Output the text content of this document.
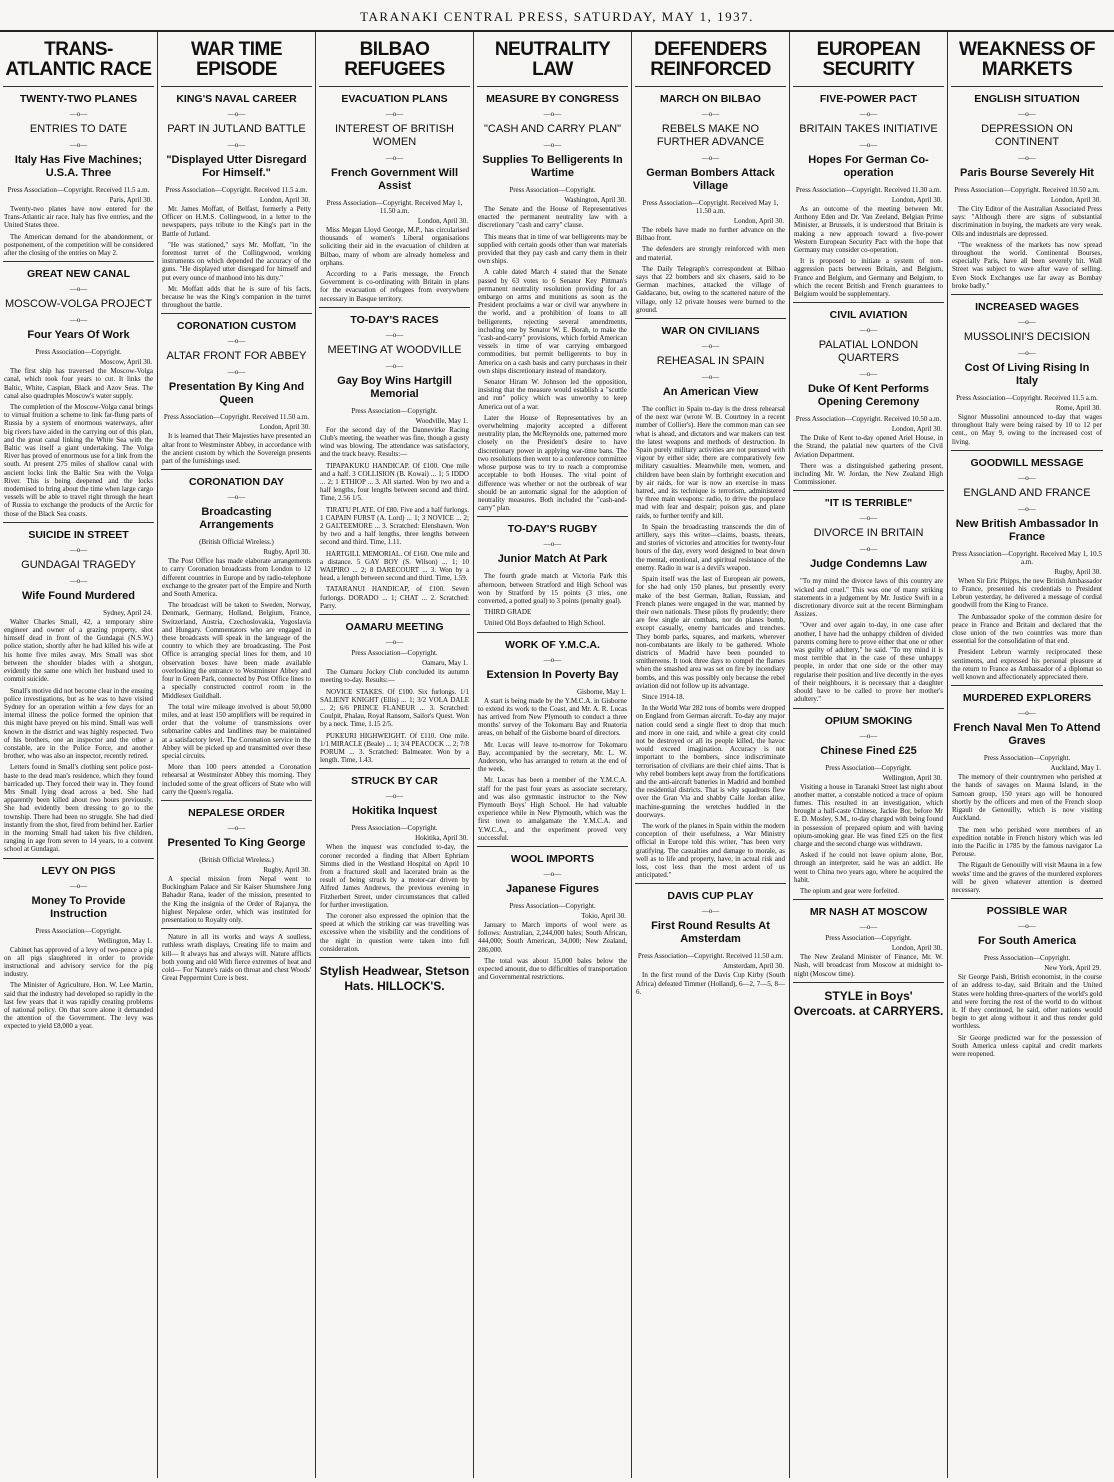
TARANAKI CENTRAL PRESS, SATURDAY, MAY 1, 1937.
TRANS-ATLANTIC RACE
TWENTY-TWO PLANES
—o—
ENTRIES TO DATE
—o—
Italy Has Five Machines; U.S.A. Three
Press Association—Copyright. Received 11.5 a.m.
Paris, April 30.

Twenty-two planes have now entered for the Trans-Atlantic air race. Italy has five entries, and the United States three.

The American demand for the abandonment, or postponement, of the competition will be considered after the closing of the entries on May 2.

GREAT NEW CANAL
—o—
MOSCOW-VOLGA PROJECT
—o—
Four Years Of Work
Press Association—Copyright.
Moscow, April 30.

The first ship has traversed the Moscow-Volga canal, which took four years to cut. It links the Baltic, White, Caspian, Black and Azov Seas. The canal also quadruples Moscow's water supply.

The completion of the Moscow-Volga canal brings to virtual fruition a scheme to link far-flung parts of Russia by a system of enormous waterways, after big rivers have aided in the carrying out of this plan, and the great canal linking the White Sea with the Baltic was itself a giant undertaking. The Volga River has proved of enormous use for a link from the south. At present 275 miles of shallow canal with ancient locks link the Baltic Sea with the Volga River. This is being deepened and the locks modernised to bring about the time when large cargo vessels will be able to travel right through the heart of Russia to exchange the products of the Arctic for those of the Black Sea coasts.

SUICIDE IN STREET
—o—
GUNDAGAI TRAGEDY
—o—
Wife Found Murdered
Sydney, April 24.

Walter Charles Small, 42, a temporary shire engineer and owner of a grazing property, shot himself dead in front of the Gundagai (N.S.W.) police station, shortly after he had killed his wife at his home five miles away. Mrs Small was shot between the shoulder blades with a shotgun, evidently the same one which her husband used to commit suicide.

Small's motive did not become clear in the ensuing police investigations, but as he was to have visited Sydney for an operation within a few days for an internal illness the police formed the opinion that this might have preyed on his mind. Small was well known in the district and was highly respected. Two of his brothers, one an inspector and the other a constable, are in the Police Force, and another brother, who was also an inspector, recently retired.

Letters found in Small's clothing sent police post-haste to the dead man's residence, which they found barricaded up. They forced their way in. They found Mrs Small lying dead across a bed. She had apparently been killed about two hours previously. She had evidently been dressing to go to the township. There had been no struggle. She had died instantly from the shot, fired from behind her. Earlier in the morning Small had taken his five children, ranging in age from seven to 14 years, to a convent school at Gundagai.

LEVY ON PIGS
—o—
Money To Provide Instruction
Press Association—Copyright.
Wellington, May 1.

Cabinet has approved of a levy of two-pence a pig on all pigs slaughtered in order to provide instructional and advisory service for the pig industry.

The Minister of Agriculture, Hon. W. Lee Martin, said that the industry had developed so rapidly in the last few years that it was rapidly creating problems of national policy. On that score alone it demanded the attention of the Government. The levy was expected to yield £8,000 a year.

WAR TIME EPISODE
KING'S NAVAL CAREER
—o—
PART IN JUTLAND BATTLE
—o—
"Displayed Utter Disregard For Himself."
Press Association—Copyright. Received 11.5 a.m.
London, April 30.

Mr. James Moffatt, of Belfast, formerly a Petty Officer on H.M.S. Collingwood, in a letter to the newspapers, pays tribute to the King's part in the Battle of Jutland.

"He was stationed," says Mr. Moffatt, "in the foremost turret of the Collingwood, working instruments on which depended the accuracy of the guns. "He displayed utter disregard for himself and put every ounce of manhood into his duty."

Mr. Moffatt adds that he is sure of his facts, because he was the King's companion in the turret throughout the battle.

CORONATION CUSTOM
—o—
ALTAR FRONT FOR ABBEY
—o—
Presentation By King And Queen
Press Association—Copyright. Received 11.50 a.m.
London, April 30.

It is learned that Their Majesties have presented an altar front to Westminster Abbey, in accordance with the ancient custom by which the Sovereign presents part of the furnishings used.

CORONATION DAY
—o—
Broadcasting Arrangements
(British Official Wireless.)
Rugby, April 30.

The Post Office has made elaborate arrangements to carry Coronation broadcasts from London to 12 different countries in Europe and by radio-telephone exchange to the greater part of the Empire and North and South America.

The broadcast will be taken to Sweden, Norway, Denmark, Germany, Holland, Belgium, France, Switzerland, Austria, Czechoslovakia, Yugoslavia and Hungary. Commentators who are engaged in these broadcasts will speak in the language of the country to which they are broadcasting. The Post Office is arranging special lines for them, and 10 observation boxes have been made available overlooking the entrance to Westminster Abbey and four in Green Park, connected by Post Office lines to a specially constructed control room in the Middlesex Guildhall.

The total wire mileage involved is about 50,000 miles, and at least 150 amplifiers will be required in order that the volume of transmissions over submarine cables and landlines may be maintained at a satisfactory level. The Coronation service in the Abbey will be picked up and transmitted over these special circuits.

More than 100 peers attended a Coronation rehearsal at Westminster Abbey this morning. They included some of the great officers of State who will carry the Queen's regalia.

NEPALESE ORDER
—o—
Presented To King George
(British Official Wireless.)
Rugby, April 30.

A special mission from Nepal went to Buckingham Palace and Sir Kaiser Shumshere Jung Bahadur Rana, leader of the mission, presented to the King the insignia of the Order of Rajanya, the highest Nepalese order, which was instituted for presentation to Royalty only.

Nature in all its works and ways A soulless, ruthless wrath displays, Creating life to maim and kill— It always has and always will. Nature afflicts both young and old With fierce extremes of heat and cold— For Nature's raids on throat and chest Woods' Great Peppermint Cure is best.

BILBAO REFUGEES
EVACUATION PLANS
—o—
INTEREST OF BRITISH WOMEN
—o—
French Government Will Assist
Press Association—Copyright. Received May 1, 11.50 a.m.
London, April 30.

Miss Megan Lloyd George, M.P., has circularised thousands of women's Liberal organisations soliciting their aid in the evacuation of children at Bilbao, many of whom are already homeless and orphans.

According to a Paris message, the French Government is co-ordinating with Britain in plans for the evacuation of refugees from everywhere necessary in Basque territory.

TO-DAY'S RACES
—o—
MEETING AT WOODVILLE
—o—
Gay Boy Wins Hartgill Memorial
Press Association—Copyright.
Woodville, May 1.

For the second day of the Dannevirke Racing Club's meeting, the weather was fine, though a gusty wind was blowing. The attendance was satisfactory, and the track heavy. Results:—

TIPAPAKUKU HANDICAP. Of £100. One mile and a half. 3 COLLISION (B. Kowai) ... 1; 5 IDDO ... 2; 1 ETHIOP ... 3. All started. Won by two and a half lengths, four lengths between second and third. Time, 2.56 1/5.

TIRATU PLATE. Of £80. Five and a half furlongs. 1 CAPAIN FURST (A. Lord) ... 1; 3 NOVICE ... 2; 2 GALTEEMORE ... 3. Scratched: Elenshawn. Won by two and a half lengths, three lengths between second and third. Time, 1.11.

HARTGILL MEMORIAL. Of £160. One mile and a distance. 5 GAY BOY (S. Wilson) ... 1; 10 WAIPIRO ... 2; 8 DARECOURT ... 3. Won by a head, a length between second and third. Time, 1.59.

TATARANUI HANDICAP, of £100. Seven furlongs. DORADO ... 1; CHAT ... 2. Scratched: Parry.

OAMARU MEETING
—o—
Press Association—Copyright.
Oamaru, May 1.

The Oamaru Jockey Club concluded its autumn meeting to-day. Results:—

NOVICE STAKES. Of £100. Six furlongs. 1/1 SALIENT KNIGHT (Ellis) ... 1; 3/2 VOLA DALE ... 2; 6/6 PRINCE FLANEUR ... 3. Scratched: Coulpit, Phalau, Royal Ransom, Sailor's Quest. Won by a neck. Time, 1.15 2/5.

PUKEURI HIGHWEIGHT. Of £110. One mile. 1/1 MIRACLE (Beale) ... 1; 3/4 PEACOCK ... 2; 7/8 PORUM ... 3. Scratched: Balmeater. Won by a length. Time, 1.43.

STRUCK BY CAR
—o—
Hokitika Inquest
Press Association—Copyright.
Hokitika, April 30.

When the inquest was concluded to-day, the coroner recorded a finding that Albert Ephriam Simms died in the Westland Hospital on April 10 from a fractured skull and lacerated brain as the result of being struck by a motor-car driven by Alfred James Andrews, the previous evening in Fitzherbert Street, under circumstances that called for further investigation.

The coroner also expressed the opinion that the speed at which the striking car was travelling was excessive when the visibility and the conditions of the night in question were taken into full consideration.

Stylish Headwear, Stetson Hats. HILLOCK'S.
NEUTRALITY LAW
MEASURE BY CONGRESS
—o—
"CASH AND CARRY PLAN"
—o—
Supplies To Belligerents In Wartime
Press Association—Copyright.
Washington, April 30.

The Senate and the House of Representatives enacted the permanent neutrality law with a discretionary "cash and carry" clause.

This means that in time of war belligerents may be supplied with certain goods other than war materials provided that they pay cash and carry them in their own ships.

A cable dated March 4 stated that the Senate passed by 63 votes to 6 Senator Key Pittman's permanent neutrality resolution providing for an embargo on arms and munitions as soon as the President proclaims a war or civil war anywhere in the world, and a prohibition of loans to all belligerents, rejecting several amendments, including one by Senator W. E. Borah, to make the "cash-and-carry" provisions, which forbid American vessels in time of war carrying embargoed commodities, but permit belligerents to buy in America on a cash basis and carry purchases in their own ships discretionary instead of mandatory.

Senator Hiram W. Johnson led the opposition, insisting that the measure would establish a "scuttle and run" policy which was unworthy to keep America out of a war.

Later the House of Representatives by an overwhelming majority accepted a different neutrality plan, the McReynolds one, patterned more closely on the President's desire to have discretionary power in applying war-time bans. The two resolutions then went to a conference committee whose purpose was to try to reach a compromise acceptable to both Houses. The vital point of difference was whether or not the outbreak of war should be an automatic signal for the adoption of neutrality measures. Both included the "cash-and-carry" plan.

TO-DAY'S RUGBY
—o—
Junior Match At Park

The fourth grade match at Victoria Park this afternoon, between Stratford and High School was won by Stratford by 15 points (3 tries, one converted, a potted goal) to 3 points (penalty goal).

THIRD GRADE

United Old Boys defaulted to High School.

WORK OF Y.M.C.A.
—o—
Extension In Poverty Bay
Gisborne, May 1.

A start is being made by the Y.M.C.A. in Gisborne to extend its work to the Coast, and Mr. A. R. Lucas has arrived from New Plymouth to conduct a three months' survey of the Tokomaru Bay and Ruatoria areas, on behalf of the Gisborne board of directors.

Mr. Lucas will leave to-morrow for Tokomaru Bay, accompanied by the secretary, Mr. L. W. Anderson, who has arranged to return at the end of the week.

Mr. Lucas has been a member of the Y.M.C.A. staff for the past four years as associate secretary, and was also gymnastic instructor to the New Plymouth Boys' High School. He had valuable experience while in New Plymouth, which was the first town to amalgamate the Y.M.C.A. and Y.W.C.A., and the experiment proved very successful.

WOOL IMPORTS
—o—
Japanese Figures
Press Association—Copyright.
Tokio, April 30.

January to March imports of wool were as follows: Australian, 2,244,000 bales; South African, 444,000; South American, 34,000; New Zealand, 286,000.

The total was about 15,000 bales below the expected amount, due to difficulties of transportation and Governmental restrictions.

DEFENDERS REINFORCED
MARCH ON BILBAO
—o—
REBELS MAKE NO FURTHER ADVANCE
—o—
German Bombers Attack Village
Press Association—Copyright. Received May 1, 11.50 a.m.
London, April 30.

The rebels have made no further advance on the Bilbao front.

The defenders are strongly reinforced with men and material.

The Daily Telegraph's correspondent at Bilbao says that 22 bombers and six chasers, said to be German machines, attacked the village of Galdacano, but, owing to the scattered nature of the village, only 12 private houses were burned to the ground.

WAR ON CIVILIANS
—o—
REHEASAL IN SPAIN
—o—
An American View

The conflict in Spain to-day is the dress rehearsal of the next war (wrote W. B. Courtney in a recent number of Collier's). Here the common man can see what is ahead, and dictators and war makers can test the latest weapons and methods of destruction. In Spain purely military activities are not pursued with vigour by either side; there are comparatively few military casualties. Meanwhile men, women, and children have been slain by forthright execution and by air raids, for war is now an exercise in mass hatred, and its technique is terrorism, administered by three main weapons: radio, to drive the populace mad with fear and despair; poison gas, and plane raids, to further terrify and kill.

In Spain the broadcasting transcends the din of artillery, says this writer—claims, boasts, threats, and stories of victories and atrocities for twenty-four hours of the day, every word designed to beat down the mental, emotional, and spiritual resistance of the enemy. Radio in war is a devil's weapon.

Spain itself was the last of European air powers, for she had only 150 planes, but presently every make of the best German, Italian, Russian, and French planes were engaged in the war, manned by their own nationals. These pilots fly prudently; there are few single air combats, nor do planes bomb, except casually, enemy barricades and trenches. They bomb parks, squares, and markets, wherever non-combatants are likely to be gathered. Whole districts of Madrid have been pounded to smithereens. It took three days to compel the flames when the smashed area was set on fire by incendiary bombs, and this was possibly only because the rebel aviation did not follow up its advantage.

Since 1914-18.

In the World War 282 tons of bombs were dropped on England from German aircraft. To-day any major nation could send a single fleet to drop that much and more in one raid, and while a great city could not be destroyed or all its people killed, the havoc would exceed imagination. Accuracy is not important to the bombers, since indiscriminate terrorisation of civilians are their chief aims. That is why rebel bombers kept away from the fortifications and the anti-aircraft batteries in Madrid and bombed the residential districts. That is why squadrons flew over the Gran Via and shabby Calle Jordan alike, machine-gunning the wretches huddled in the doorways.

The work of the planes in Spain within the modern conception of their usefulness, a War Ministry official in Europe told this writer, "has been very gratifying. The casualties and damage to morale, as well as to life and property, have, in actual risk and loss, cost less than the most ardent of us anticipated."

DAVIS CUP PLAY
—o—
First Round Results At Amsterdam
Press Association—Copyright. Received 11.50 a.m.
Amsterdam, April 30.

In the first round of the Davis Cup Kirby (South Africa) defeated Timmer (Holland), 6—2, 7—5, 8—6.

EUROPEAN SECURITY
FIVE-POWER PACT
—o—
BRITAIN TAKES INITIATIVE
—o—
Hopes For German Co-operation
Press Association—Copyright. Received 11.30 a.m.
London, April 30.

As an outcome of the meeting between Mr. Anthony Eden and Dr. Van Zeeland, Belgian Prime Minister, at Brussels, it is understood that Britain is making a new approach toward a five-power Western European Security Pact with the hope that Germany may consider co-operation.

It is proposed to initiate a system of non-aggression pacts between Britain, and Belgium, France and Belgium, and Germany and Belgium, to which the recent British and French guarantees to Belgium would be supplementary.

CIVIL AVIATION
—o—
PALATIAL LONDON QUARTERS
—o—
Duke Of Kent Performs Opening Ceremony
Press Association—Copyright. Received 10.50 a.m.
London, April 30.

The Duke of Kent to-day opened Ariel House, in the Strand, the palatial new quarters of the Civil Aviation Department.

There was a distinguished gathering present, including Mr. W. Jordan, the New Zealand High Commissioner.

"IT IS TERRIBLE"
—o—
DIVORCE IN BRITAIN
—o—
Judge Condemns Law

"To my mind the divorce laws of this country are wicked and cruel." This was one of many striking statements in a judgement by Mr. Justice Swift in a discretionary divorce suit at the recent Birmingham Assizes.

"Over and over again to-day, in one case after another, I have had the unhappy children of divided parents coming here to prove either that one or other was guilty of adultery," he said. "To my mind it is most terrible that in the case of these unhappy people, in order that one side or the other may regularise their position and live decently in the eyes of their neighbours, it is necessary that a daughter should have to be called to prove her mother's adultery."

OPIUM SMOKING
—o—
Chinese Fined £25
Press Association—Copyright.
Wellington, April 30.

Visiting a house in Taranaki Street last night about another matter, a constable noticed a trace of opium fumes. This resulted in an investigation, which brought a half-caste Chinese, Jackie Bor, before Mr E. D. Mosley, S.M., to-day charged with being found in possession of prepared opium and with having opium-smoking gear. He was fined £25 on the first charge and the second charge was withdrawn.

Asked if he could not leave opium alone, Bor, through an interpreter, said he was an addict. He went to China two years ago, where he acquired the habit.

The opium and gear were forfeited.

MR NASH AT MOSCOW
—o—
Press Association—Copyright.
London, April 30.

The New Zealand Minister of Finance, Mr. W. Nash, will broadcast from Moscow at midnight to-night (Moscow time).

STYLE in Boys' Overcoats. at CARRYERS.
WEAKNESS OF MARKETS
ENGLISH SITUATION
—o—
DEPRESSION ON CONTINENT
—o—
Paris Bourse Severely Hit
Press Association—Copyright. Received 10.50 a.m.
London, April 30.

The City Editor of the Australian Associated Press says: "Although there are signs of substantial discrimination in buying, the markets are very weak. Oils and industrials are depressed.

"The weakness of the markets has now spread throughout the world. Continental Bourses, especially Paris, have all been severely hit. Wall Street was subject to wave after wave of selling. Even Stock Exchanges use far away as Bombay broke badly."

INCREASED WAGES
—o—
MUSSOLINI'S DECISION
—o—
Cost Of Living Rising In Italy
Press Association—Copyright. Received 11.5 a.m.
Rome, April 30.

Signor Mussolini announced to-day that wages throughout Italy were being raised by 10 to 12 per cent., on May 9, owing to the increased cost of living.

GOODWILL MESSAGE
—o—
ENGLAND AND FRANCE
—o—
New British Ambassador In France
Press Association—Copyright. Received May 1, 10.5 a.m.
Rugby, April 30.

When Sir Eric Phipps, the new British Ambassador to France, presented his credentials to President Lebrun yesterday, he delivered a message of cordial goodwill from the King to France.

The Ambassador spoke of the common desire for peace in France and Britain and declared that the close union of the two countries was more than essential for the consolidation of that end.

President Lebrun warmly reciprocated these sentiments, and expressed his personal pleasure at the return to France as Ambassador of a diplomat so well known and affectionately appreciated there.

MURDERED EXPLORERS
—o—
French Naval Men To Attend Graves
Press Association—Copyright.
Auckland, May 1.

The memory of their countrymen who perished at the hands of savages on Mauna Island, in the Samoan group, 150 years ago will be honoured shortly by the officers and men of the French sloop Rigault de Genouilly, which is now visiting Auckland.

The men who perished were members of an expedition notable in French history which was led into the Pacific in 1785 by the famous navigator La Perouse.

The Rigault de Genouilly will visit Mauna in a few weeks' time and the graves of the murdered explorers will be given whatever attention is deemed necessary.

POSSIBLE WAR
—o—
For South America
Press Association—Copyright.
New York, April 29.

Sir George Paish, British economist, in the course of an address to-day, said Britain and the United States were holding three-quarters of the world's gold and were forcing the rest of the world to do without it. If they continued, he said, other nations would begin to get along without it and thus render gold worthless.

Sir George predicted war for the possession of South America unless capital and credit markets were reopened.
